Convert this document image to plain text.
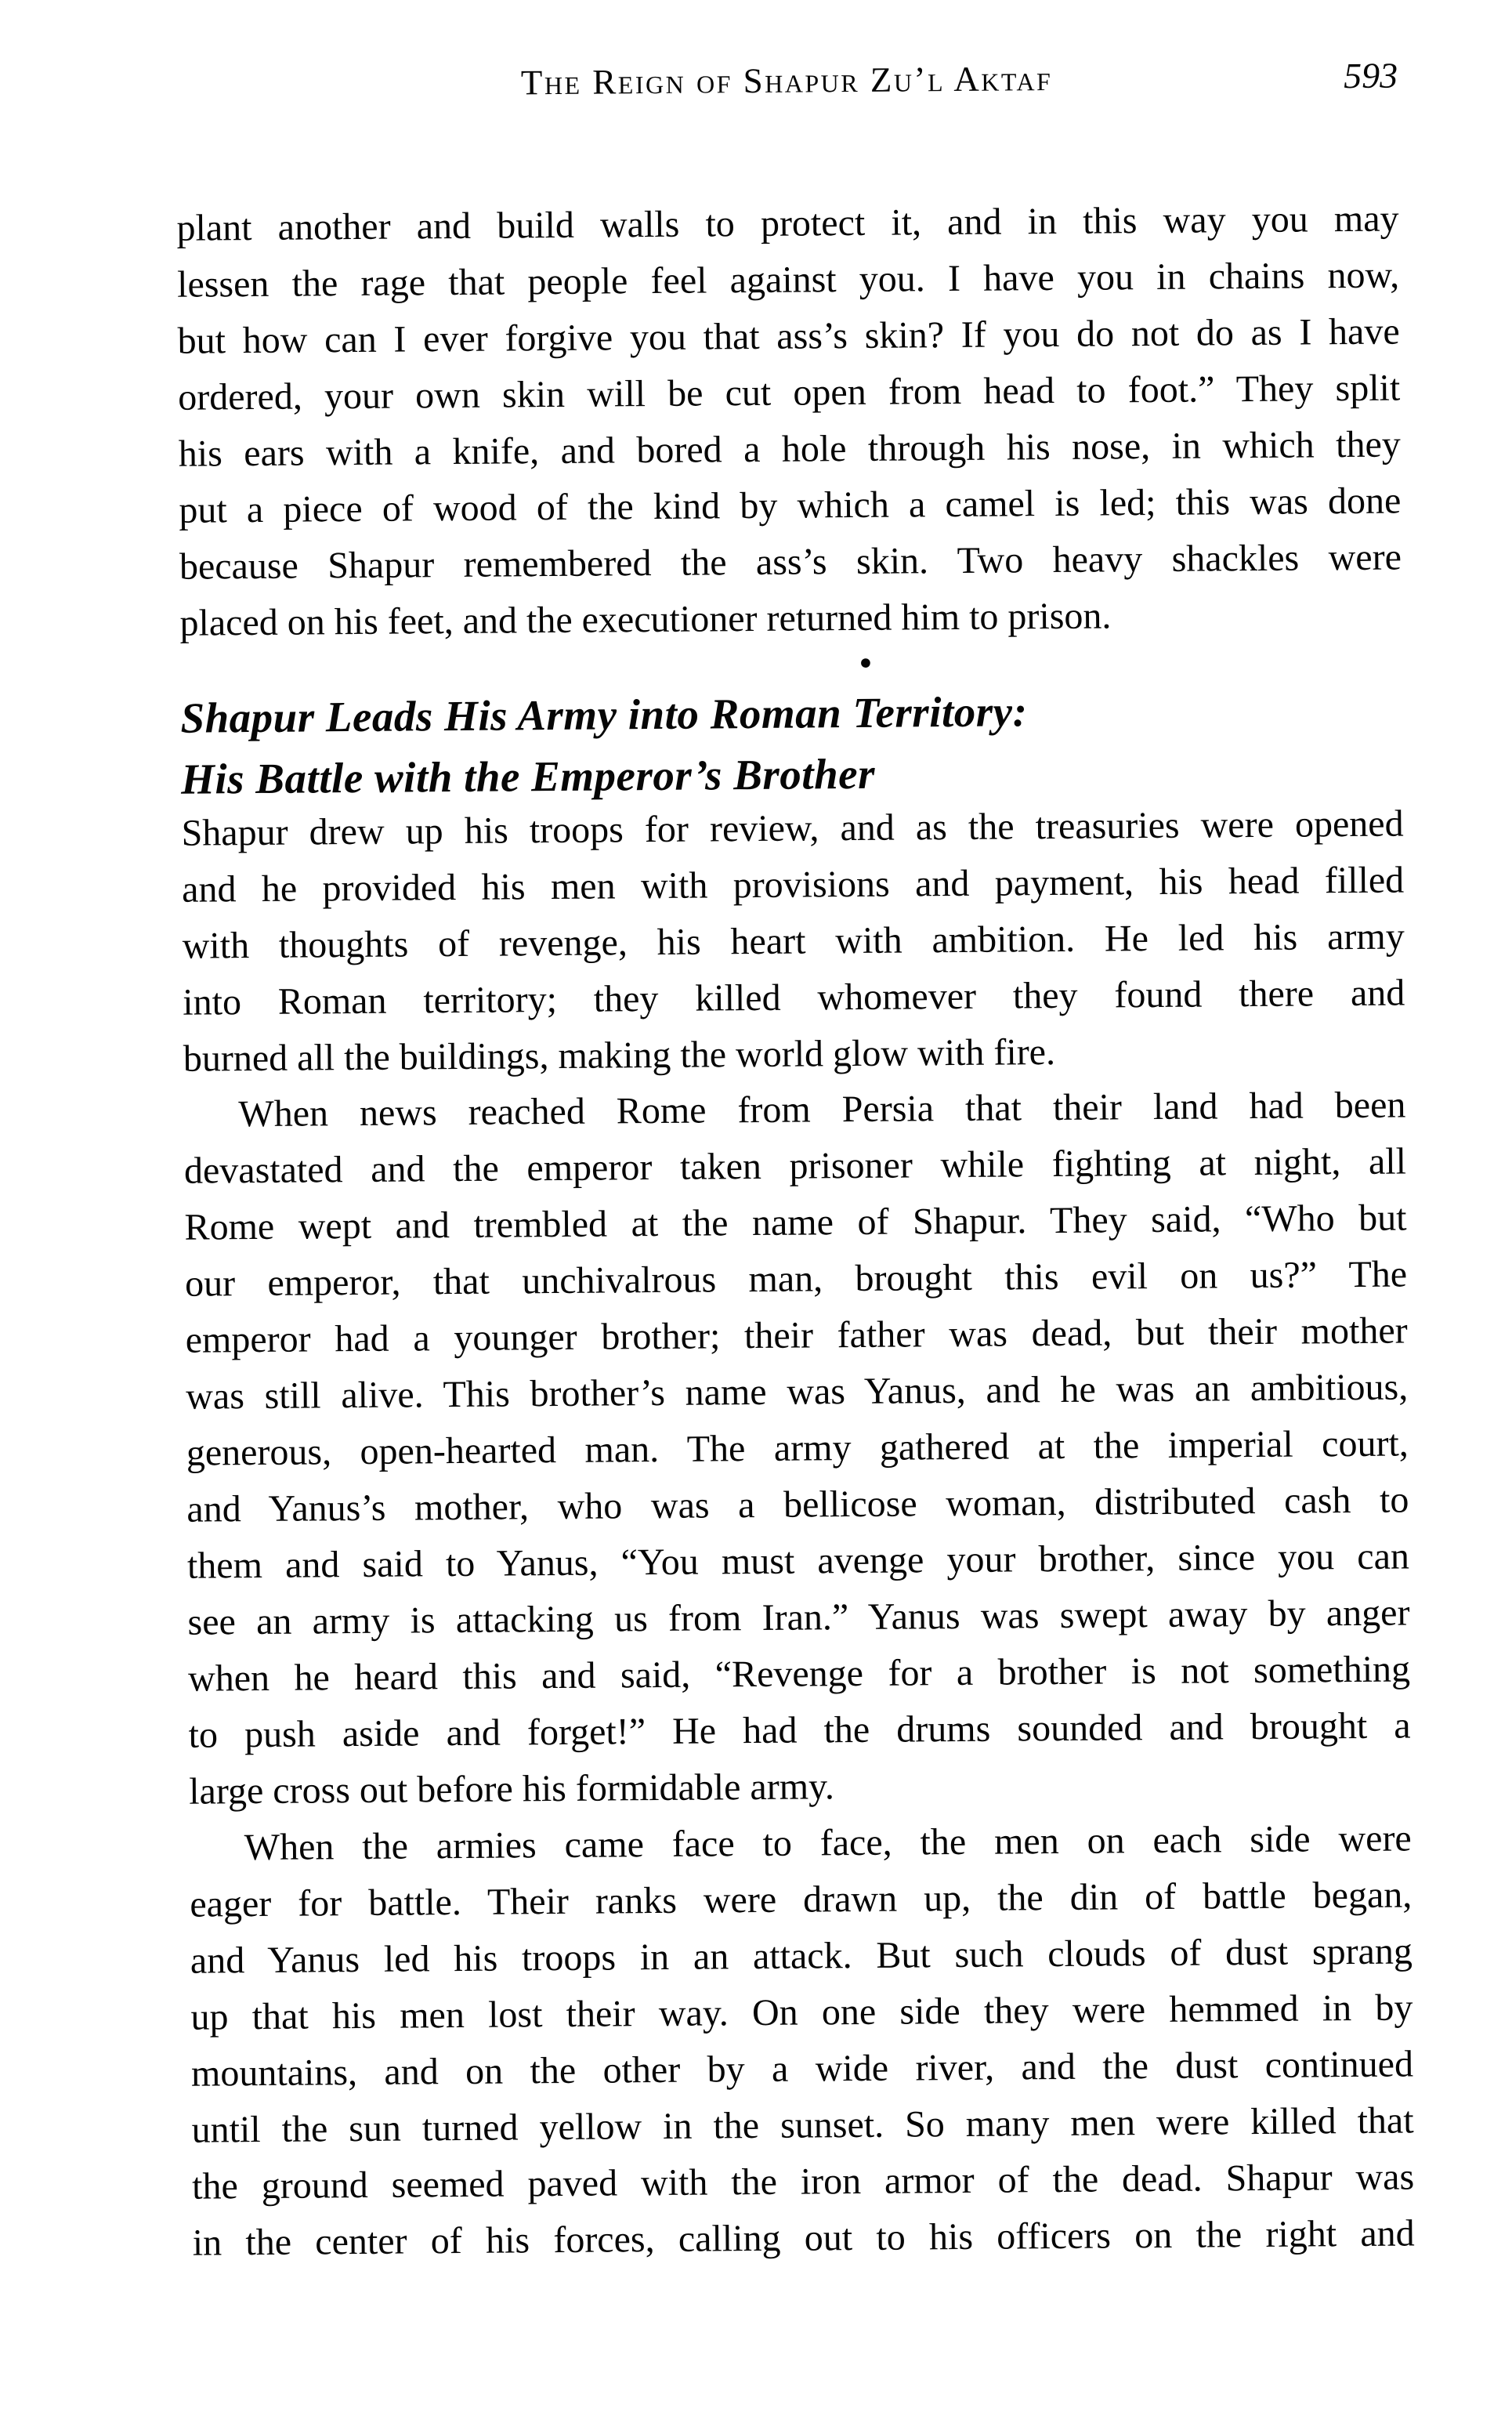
The Reign of Shapur Zu’l Aktaf	593
plant another and build walls to protect it, and in this way you may
lessen the rage that people feel against you. I have you in chains now,
but how can I ever forgive you that ass’s skin? If you do not do as I have
ordered, your own skin will be cut open from head to foot.” They split
his ears with a knife, and bored a hole through his nose, in which they
put a piece of wood of the kind by which a camel is led; this was done
because Shapur remembered the ass’s skin. Two heavy shackles were
placed on his feet, and the executioner returned him to prison.
·
Shapur Leads His Army into Roman Territory:
His Battle with the Emperor’s Brother
Shapur drew up his troops for review, and as the treasuries were opened
and he provided his men with provisions and payment, his head filled
with thoughts of revenge, his heart with ambition. He led his army
into Roman territory; they killed whomever they found there and
burned all the buildings, making the world glow with fire.
When news reached Rome from Persia that their land had been
devastated and the emperor taken prisoner while fighting at night, all
Rome wept and trembled at the name of Shapur. They said, “Who but
our emperor, that unchivalrous man, brought this evil on us?” The
emperor had a younger brother; their father was dead, but their mother
was still alive. This brother’s name was Yanus, and he was an ambitious,
generous, open-hearted man. The army gathered at the imperial court,
and Yanus’s mother, who was a bellicose woman, distributed cash to
them and said to Yanus, “You must avenge your brother, since you can
see an army is attacking us from Iran.” Yanus was swept away by anger
when he heard this and said, “Revenge for a brother is not something
to push aside and forget!” He had the drums sounded and brought a
large cross out before his formidable army.
When the armies came face to face, the men on each side were
eager for battle. Their ranks were drawn up, the din of battle began,
and Yanus led his troops in an attack. But such clouds of dust sprang
up that his men lost their way. On one side they were hemmed in by
mountains, and on the other by a wide river, and the dust continued
until the sun turned yellow in the sunset. So many men were killed that
the ground seemed paved with the iron armor of the dead. Shapur was
in the center of his forces, calling out to his officers on the right and
